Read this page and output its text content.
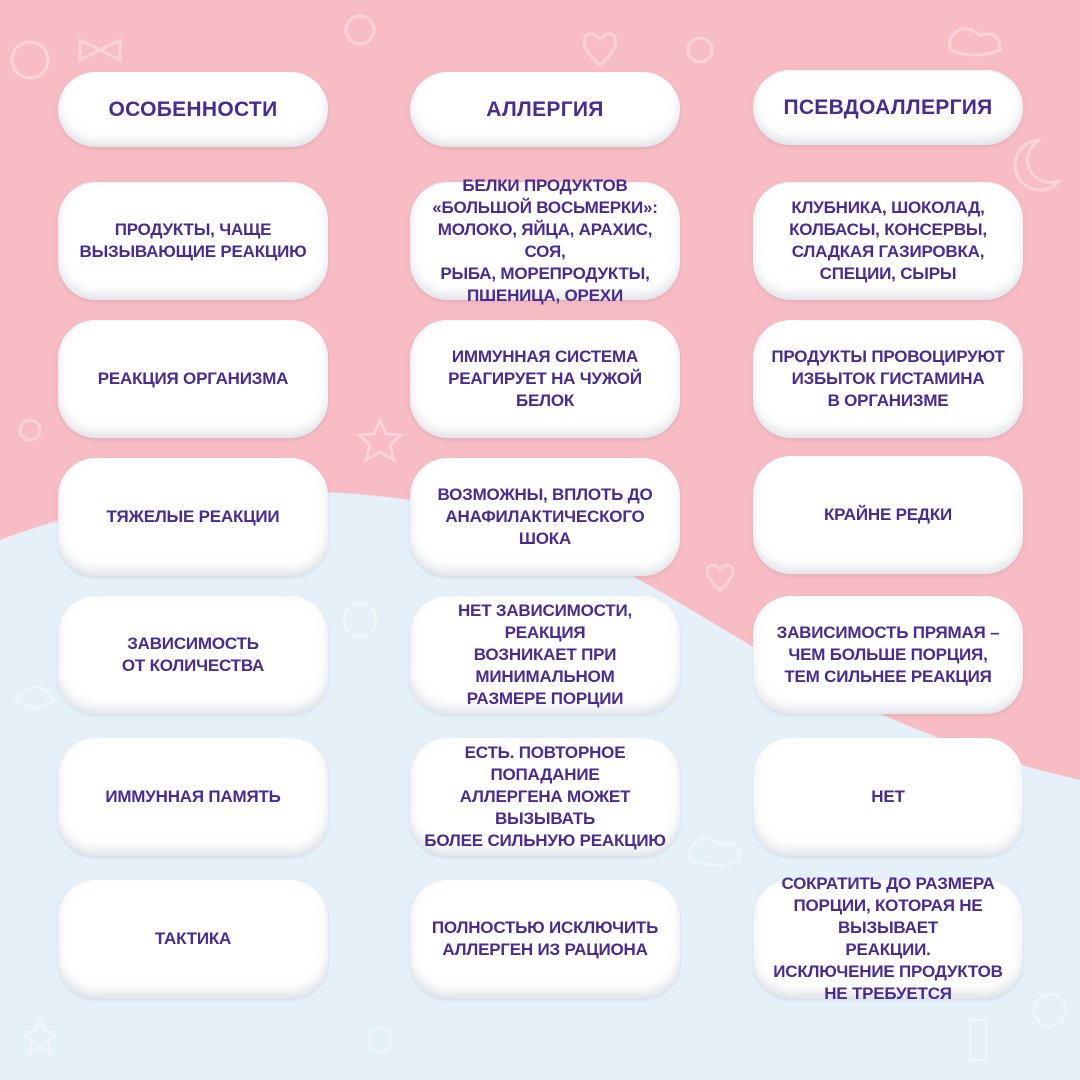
ОСОБЕННОСТИ	АЛЛЕРГИЯ	ПСЕВДОАЛЛЕРГИЯ
ПРОДУКТЫ, ЧАЩЕ
ВЫЗЫВАЮЩИЕ РЕАКЦИЮ
БЕЛКИ ПРОДУКТОВ
«БОЛЬШОЙ ВОСЬМЕРКИ»:
МОЛОКО, ЯЙЦА, АРАХИС, СОЯ,
РЫБА, МОРЕПРОДУКТЫ,
ПШЕНИЦА, ОРЕХИ
КЛУБНИКА, ШОКОЛАД,
КОЛБАСЫ, КОНСЕРВЫ,
СЛАДКАЯ ГАЗИРОВКА,
СПЕЦИИ, СЫРЫ
РЕАКЦИЯ ОРГАНИЗМА
ИММУННАЯ СИСТЕМА
РЕАГИРУЕТ НА ЧУЖОЙ БЕЛОК
ПРОДУКТЫ ПРОВОЦИРУЮТ
ИЗБЫТОК ГИСТАМИНА
В ОРГАНИЗМЕ
ТЯЖЕЛЫЕ РЕАКЦИИ
ВОЗМОЖНЫ, ВПЛОТЬ ДО
АНАФИЛАКТИЧЕСКОГО ШОКА
КРАЙНЕ РЕДКИ
ЗАВИСИМОСТЬ
ОТ КОЛИЧЕСТВА
НЕТ ЗАВИСИМОСТИ, РЕАКЦИЯ
ВОЗНИКАЕТ ПРИ МИНИМАЛЬНОМ
РАЗМЕРЕ ПОРЦИИ
ЗАВИСИМОСТЬ ПРЯМАЯ –
ЧЕМ БОЛЬШЕ ПОРЦИЯ,
ТЕМ СИЛЬНЕЕ РЕАКЦИЯ
ИММУННАЯ ПАМЯТЬ
ЕСТЬ. ПОВТОРНОЕ ПОПАДАНИЕ
АЛЛЕРГЕНА МОЖЕТ ВЫЗЫВАТЬ
БОЛЕЕ СИЛЬНУЮ РЕАКЦИЮ
НЕТ
ТАКТИКА
ПОЛНОСТЬЮ ИСКЛЮЧИТЬ
АЛЛЕРГЕН ИЗ РАЦИОНА
СОКРАТИТЬ ДО РАЗМЕРА
ПОРЦИИ, КОТОРАЯ НЕ ВЫЗЫВАЕТ
РЕАКЦИИ.
ИСКЛЮЧЕНИЕ ПРОДУКТОВ
НЕ ТРЕБУЕТСЯ
